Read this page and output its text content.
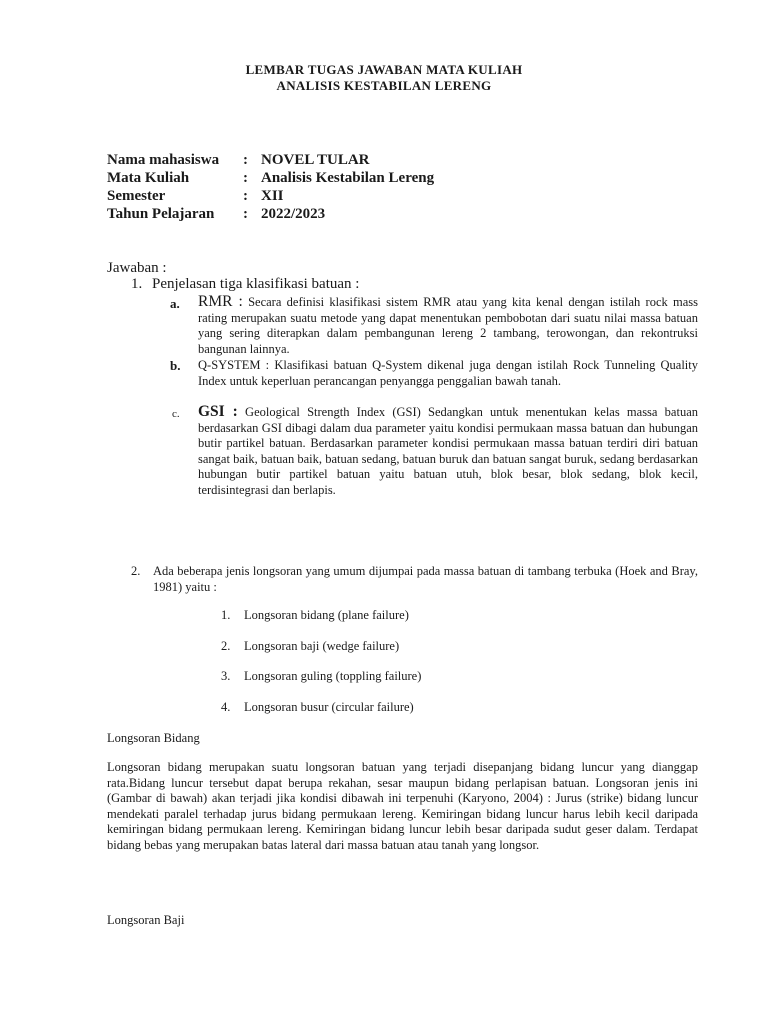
LEMBAR TUGAS JAWABAN MATA KULIAH
ANALISIS KESTABILAN LERENG
Nama mahasiswa : NOVEL TULAR
Mata Kuliah	: Analisis Kestabilan Lereng
Semester	: XII
Tahun Pelajaran : 2022/2023
Jawaban :
1. Penjelasan tiga klasifikasi batuan :
a. RMR : Secara definisi klasifikasi sistem RMR atau yang kita kenal dengan istilah rock mass rating merupakan suatu metode yang dapat menentukan pembobotan dari suatu nilai massa batuan yang sering diterapkan dalam pembangunan lereng 2 tambang, terowongan, dan rekontruksi bangunan lainnya.
b. Q-SYSTEM : Klasifikasi batuan Q-System dikenal juga dengan istilah Rock Tunneling Quality Index untuk keperluan perancangan penyangga penggalian bawah tanah.
c. GSI : Geological Strength Index (GSI) Sedangkan untuk menentukan kelas massa batuan berdasarkan GSI dibagi dalam dua parameter yaitu kondisi permukaan massa batuan dan hubungan butir partikel batuan. Berdasarkan parameter kondisi permukaan massa batuan terdiri diri batuan sangat baik, batuan baik, batuan sedang, batuan buruk dan batuan sangat buruk, sedang berdasarkan hubungan butir partikel batuan yaitu batuan utuh, blok besar, blok sedang, blok kecil, terdisintegrasi dan berlapis.
2. Ada beberapa jenis longsoran yang umum dijumpai pada massa batuan di tambang terbuka (Hoek and Bray, 1981) yaitu :
1. Longsoran bidang (plane failure)
2. Longsoran baji (wedge failure)
3. Longsoran guling (toppling failure)
4. Longsoran busur (circular failure)
Longsoran Bidang
Longsoran bidang merupakan suatu longsoran batuan yang terjadi disepanjang bidang luncur yang dianggap rata.Bidang luncur tersebut dapat berupa rekahan, sesar maupun bidang perlapisan batuan. Longsoran jenis ini (Gambar di bawah) akan terjadi jika kondisi dibawah ini terpenuhi (Karyono, 2004) : Jurus (strike) bidang luncur mendekati paralel terhadap jurus bidang permukaan lereng. Kemiringan bidang luncur harus lebih kecil daripada kemiringan bidang permukaan lereng. Kemiringan bidang luncur lebih besar daripada sudut geser dalam. Terdapat bidang bebas yang merupakan batas lateral dari massa batuan atau tanah yang longsor.
Longsoran Baji
